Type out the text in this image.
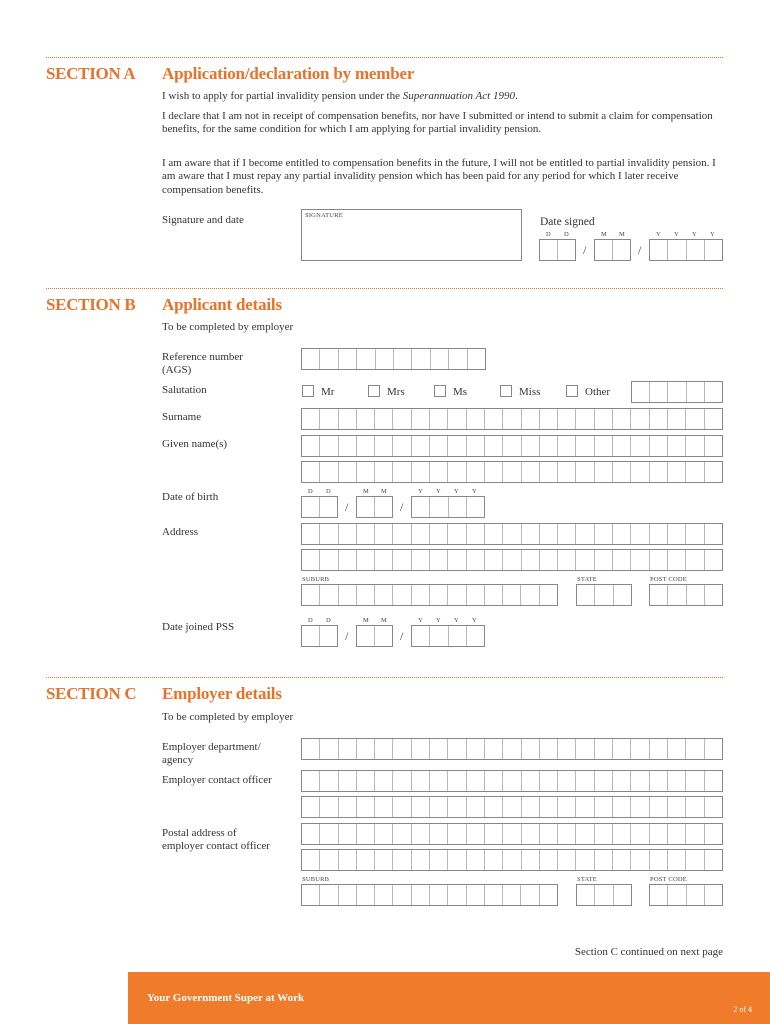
SECTION A Application/declaration by member
I wish to apply for partial invalidity pension under the Superannuation Act 1990.
I declare that I am not in receipt of compensation benefits, nor have I submitted or intend to submit a claim for compensation benefits, for the same condition for which I am applying for partial invalidity pension.
I am aware that if I become entitled to compensation benefits in the future, I will not be entitled to partial invalidity pension. I am aware that I must repay any partial invalidity pension which has been paid for any period for which I later receive compensation benefits.
Signature and date	SIGNATURE
Date signed
D D	M M	Y Y Y Y
/	/
SECTION B Applicant details
To be completed by employer
Reference number (AGS)
Salutation	Mr	Mrs	Ms	Miss	Other
Surname
Given name(s)
Date of birth	D D	M M	Y Y Y Y
/	/
Address
SUBURB	STATE	POST CODE
Date joined PSS
D D	M M	Y Y Y Y
/	/
SECTION C Employer details
To be completed by employer
Employer department/ agency
Employer contact officer
Postal address of employer contact officer
SUBURB	STATE	POST CODE
Section C continued on next page
Your Government Super at Work
2 of 4
